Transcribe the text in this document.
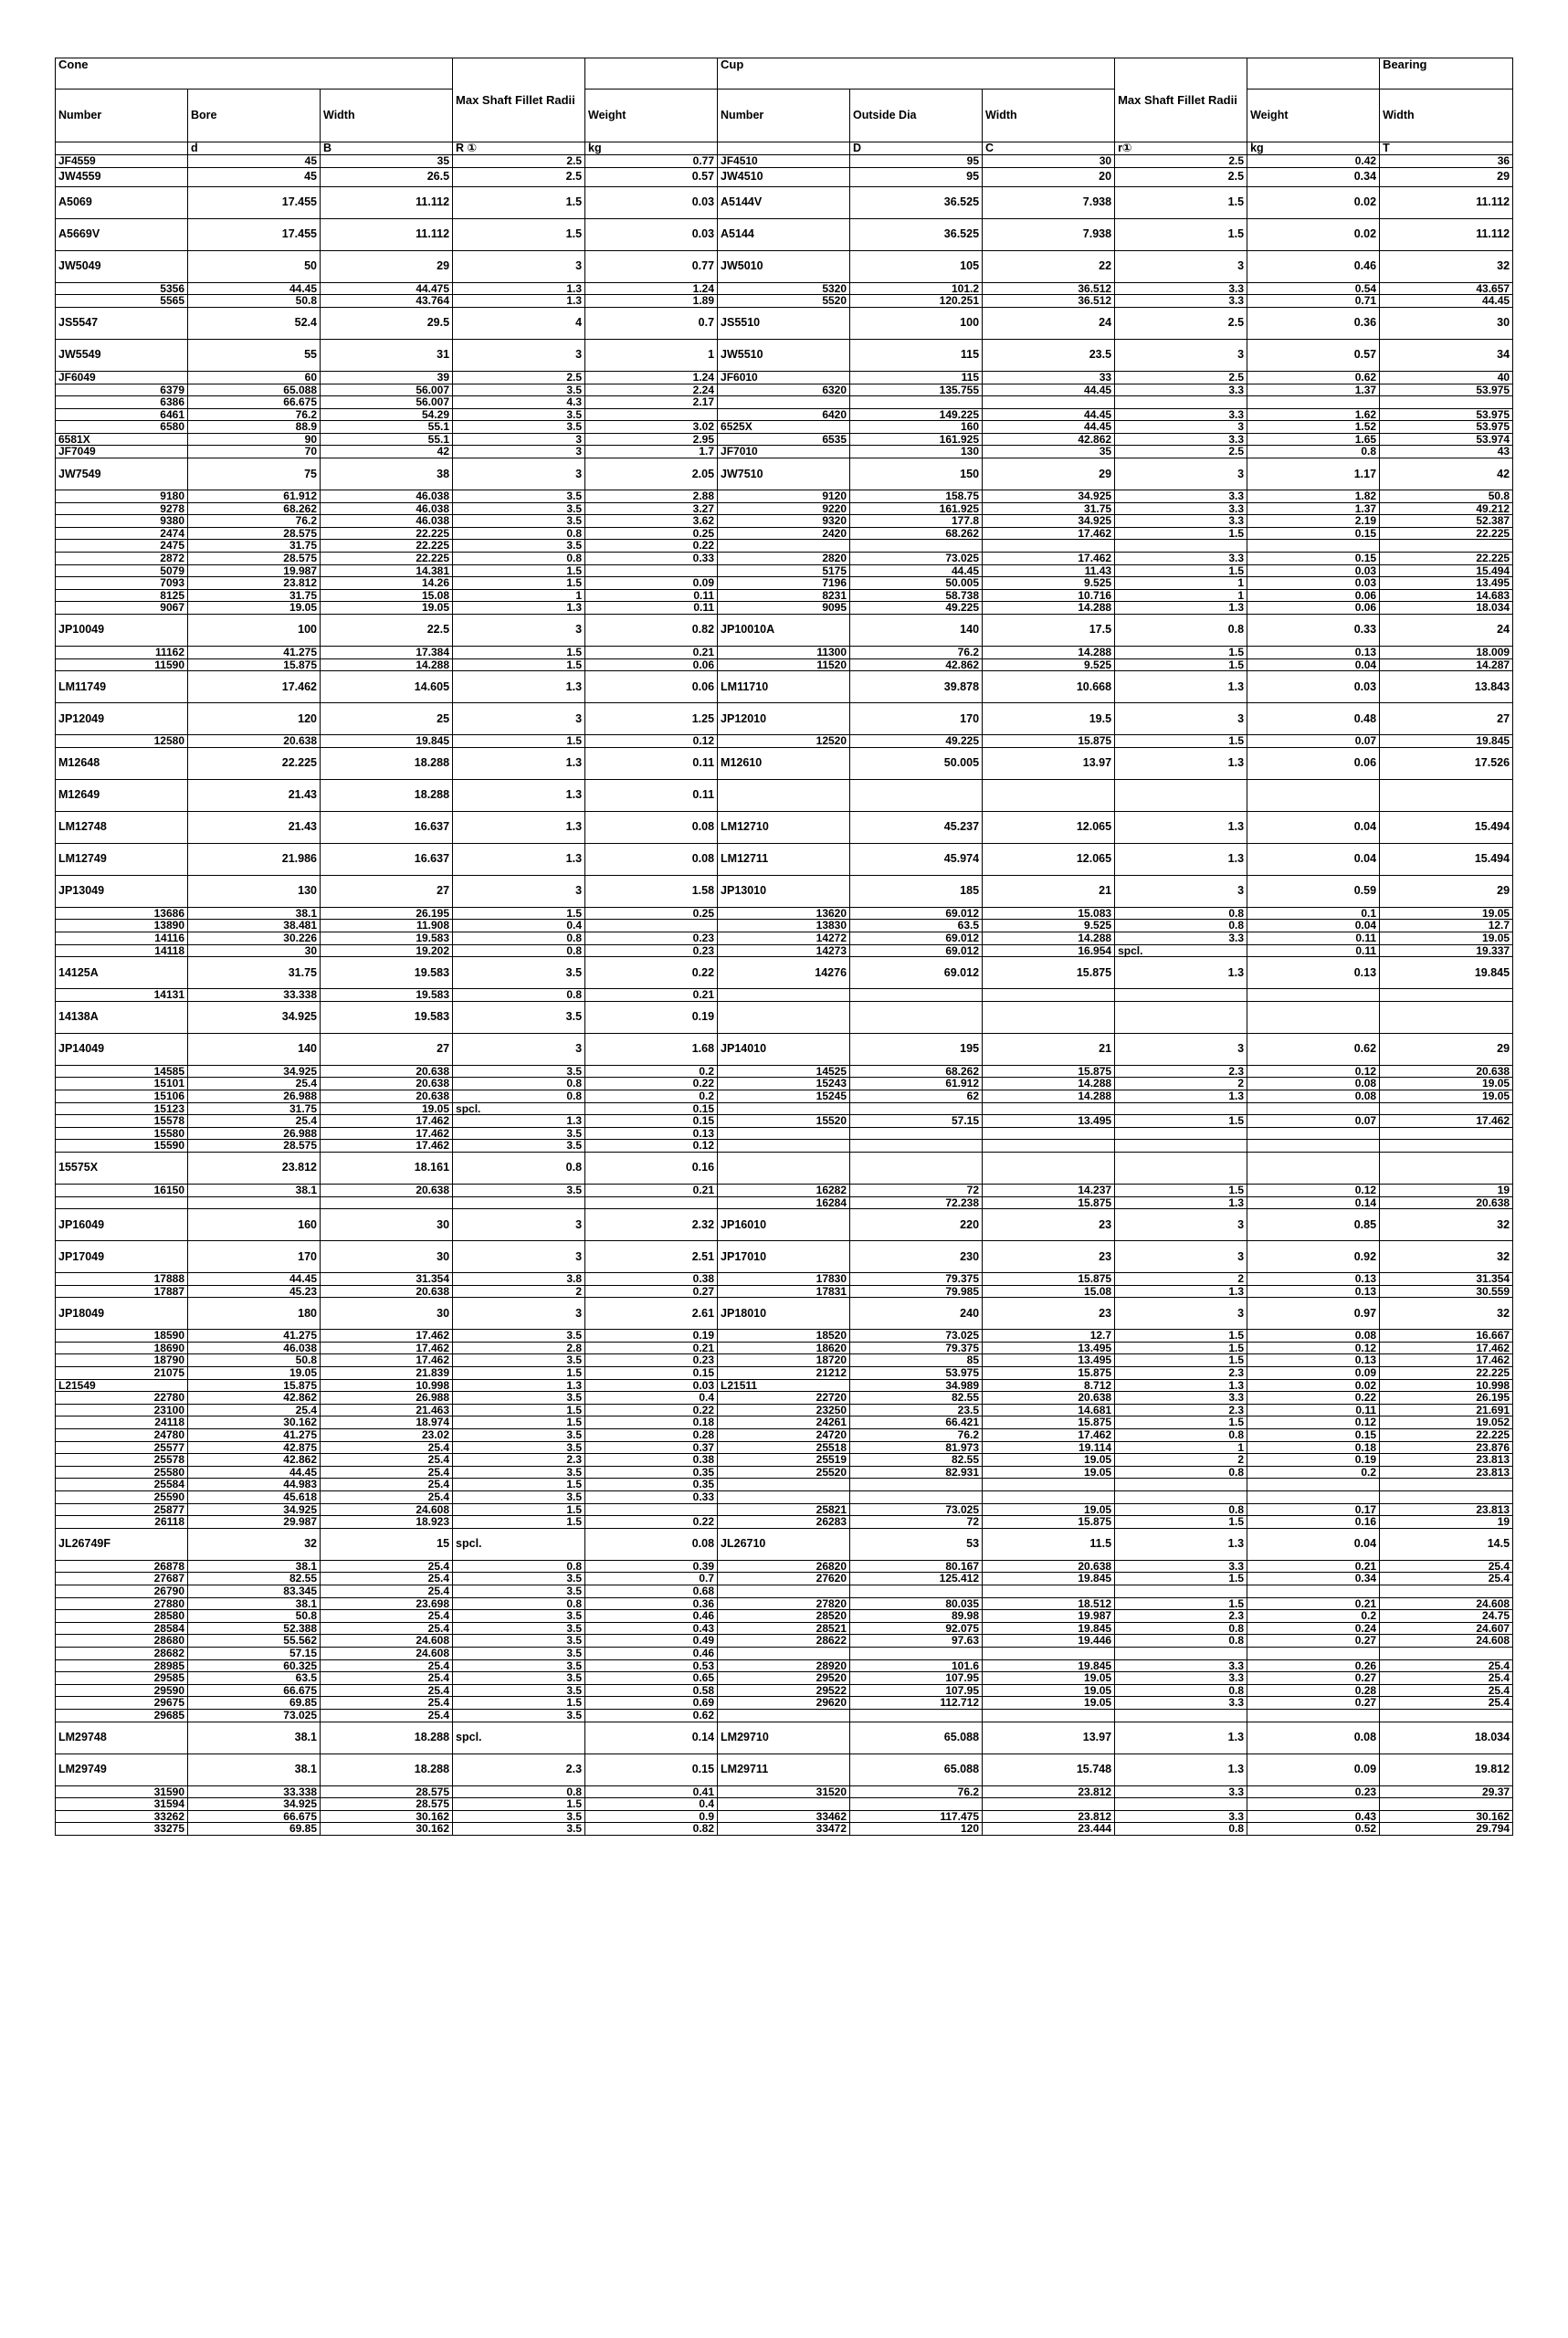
Cone			Max Shaft Fillet Radii		Cup			Max Shaft Fillet Radii		Bearing
Number	Bore	Width		Weight	Number	Outside Dia	Width		Weight	Width
	d	B	R ①	kg		D	C	r①	kg	T
JF4559	45	35	2.5	0.77	JF4510	95	30	2.5	0.42	36
JW4559	45	26.5	2.5	0.57	JW4510	95	20	2.5	0.34	29
A5069	17.455	11.112	1.5	0.03	A5144V	36.525	7.938	1.5	0.02	11.112
A5669V	17.455	11.112	1.5	0.03	A5144	36.525	7.938	1.5	0.02	11.112
JW5049	50	29	3	0.77	JW5010	105	22	3	0.46	32
5356	44.45	44.475	1.3	1.24	5320	101.2	36.512	3.3	0.54	43.657
5565	50.8	43.764	1.3	1.89	5520	120.251	36.512	3.3	0.71	44.45
JS5547	52.4	29.5	4	0.7	JS5510	100	24	2.5	0.36	30
JW5549	55	31	3	1	JW5510	115	23.5	3	0.57	34
JF6049	60	39	2.5	1.24	JF6010	115	33	2.5	0.62	40
6379	65.088	56.007	3.5	2.24	6320	135.755	44.45	3.3	1.37	53.975
6386	66.675	56.007	4.3	2.17						
6461	76.2	54.29	3.5		6420	149.225	44.45	3.3	1.62	53.975
6580	88.9	55.1	3.5	3.02	6525X	160	44.45	3	1.52	53.975
6581X	90	55.1	3	2.95	6535	161.925	42.862	3.3	1.65	53.974
JF7049	70	42	3	1.7	JF7010	130	35	2.5	0.8	43
JW7549	75	38	3	2.05	JW7510	150	29	3	1.17	42
9180	61.912	46.038	3.5	2.88	9120	158.75	34.925	3.3	1.82	50.8
9278	68.262	46.038	3.5	3.27	9220	161.925	31.75	3.3	1.37	49.212
9380	76.2	46.038	3.5	3.62	9320	177.8	34.925	3.3	2.19	52.387
2474	28.575	22.225	0.8	0.25	2420	68.262	17.462	1.5	0.15	22.225
2475	31.75	22.225	3.5	0.22						
2872	28.575	22.225	0.8	0.33	2820	73.025	17.462	3.3	0.15	22.225
5079	19.987	14.381	1.5		5175	44.45	11.43	1.5	0.03	15.494
7093	23.812	14.26	1.5	0.09	7196	50.005	9.525	1	0.03	13.495
8125	31.75	15.08	1	0.11	8231	58.738	10.716	1	0.06	14.683
9067	19.05	19.05	1.3	0.11	9095	49.225	14.288	1.3	0.06	18.034
JP10049	100	22.5	3	0.82	JP10010A	140	17.5	0.8	0.33	24
11162	41.275	17.384	1.5	0.21	11300	76.2	14.288	1.5	0.13	18.009
11590	15.875	14.288	1.5	0.06	11520	42.862	9.525	1.5	0.04	14.287
LM11749	17.462	14.605	1.3	0.06	LM11710	39.878	10.668	1.3	0.03	13.843
JP12049	120	25	3	1.25	JP12010	170	19.5	3	0.48	27
12580	20.638	19.845	1.5	0.12	12520	49.225	15.875	1.5	0.07	19.845
M12648	22.225	18.288	1.3	0.11	M12610	50.005	13.97	1.3	0.06	17.526
M12649	21.43	18.288	1.3	0.11						
LM12748	21.43	16.637	1.3	0.08	LM12710	45.237	12.065	1.3	0.04	15.494
LM12749	21.986	16.637	1.3	0.08	LM12711	45.974	12.065	1.3	0.04	15.494
JP13049	130	27	3	1.58	JP13010	185	21	3	0.59	29
13686	38.1	26.195	1.5	0.25	13620	69.012	15.083	0.8	0.1	19.05
13890	38.481	11.908	0.4		13830	63.5	9.525	0.8	0.04	12.7
14116	30.226	19.583	0.8	0.23	14272	69.012	14.288	3.3	0.11	19.05
14118	30	19.202	0.8	0.23	14273	69.012	16.954	spcl.	0.11	19.337
14125A	31.75	19.583	3.5	0.22	14276	69.012	15.875	1.3	0.13	19.845
14131	33.338	19.583	0.8	0.21						
14138A	34.925	19.583	3.5	0.19						
JP14049	140	27	3	1.68	JP14010	195	21	3	0.62	29
14585	34.925	20.638	3.5	0.2	14525	68.262	15.875	2.3	0.12	20.638
15101	25.4	20.638	0.8	0.22	15243	61.912	14.288	2	0.08	19.05
15106	26.988	20.638	0.8	0.2	15245	62	14.288	1.3	0.08	19.05
15123	31.75	19.05	spcl.	0.15						
15578	25.4	17.462	1.3	0.15	15520	57.15	13.495	1.5	0.07	17.462
15580	26.988	17.462	3.5	0.13						
15590	28.575	17.462	3.5	0.12						
15575X	23.812	18.161	0.8	0.16						
16150	38.1	20.638	3.5	0.21	16282	72	14.237	1.5	0.12	19
					16284	72.238	15.875	1.3	0.14	20.638
JP16049	160	30	3	2.32	JP16010	220	23	3	0.85	32
JP17049	170	30	3	2.51	JP17010	230	23	3	0.92	32
17888	44.45	31.354	3.8	0.38	17830	79.375	15.875	2	0.13	31.354
17887	45.23	20.638	2	0.27	17831	79.985	15.08	1.3	0.13	30.559
JP18049	180	30	3	2.61	JP18010	240	23	3	0.97	32
18590	41.275	17.462	3.5	0.19	18520	73.025	12.7	1.5	0.08	16.667
18690	46.038	17.462	2.8	0.21	18620	79.375	13.495	1.5	0.12	17.462
18790	50.8	17.462	3.5	0.23	18720	85	13.495	1.5	0.13	17.462
21075	19.05	21.839	1.5	0.15	21212	53.975	15.875	2.3	0.09	22.225
L21549	15.875	10.998	1.3	0.03	L21511	34.989	8.712	1.3	0.02	10.998
22780	42.862	26.988	3.5	0.4	22720	82.55	20.638	3.3	0.22	26.195
23100	25.4	21.463	1.5	0.22	23250	23.5	14.681	2.3	0.11	21.691
24118	30.162	18.974	1.5	0.18	24261	66.421	15.875	1.5	0.12	19.052
24780	41.275	23.02	3.5	0.28	24720	76.2	17.462	0.8	0.15	22.225
25577	42.875	25.4	3.5	0.37	25518	81.973	19.114	1	0.18	23.876
25578	42.862	25.4	2.3	0.38	25519	82.55	19.05	2	0.19	23.813
25580	44.45	25.4	3.5	0.35	25520	82.931	19.05	0.8	0.2	23.813
25584	44.983	25.4	1.5	0.35						
25590	45.618	25.4	3.5	0.33						
25877	34.925	24.608	1.5		25821	73.025	19.05	0.8	0.17	23.813
26118	29.987	18.923	1.5	0.22	26283	72	15.875	1.5	0.16	19
JL26749F	32	15	spcl.	0.08	JL26710	53	11.5	1.3	0.04	14.5
26878	38.1	25.4	0.8	0.39	26820	80.167	20.638	3.3	0.21	25.4
27687	82.55	25.4	3.5	0.7	27620	125.412	19.845	1.5	0.34	25.4
26790	83.345	25.4	3.5	0.68						
27880	38.1	23.698	0.8	0.36	27820	80.035	18.512	1.5	0.21	24.608
28580	50.8	25.4	3.5	0.46	28520	89.98	19.987	2.3	0.2	24.75
28584	52.388	25.4	3.5	0.43	28521	92.075	19.845	0.8	0.24	24.607
28680	55.562	24.608	3.5	0.49	28622	97.63	19.446	0.8	0.27	24.608
28682	57.15	24.608	3.5	0.46						
28985	60.325	25.4	3.5	0.53	28920	101.6	19.845	3.3	0.26	25.4
29585	63.5	25.4	3.5	0.65	29520	107.95	19.05	3.3	0.27	25.4
29590	66.675	25.4	3.5	0.58	29522	107.95	19.05	0.8	0.28	25.4
29675	69.85	25.4	1.5	0.69	29620	112.712	19.05	3.3	0.27	25.4
29685	73.025	25.4	3.5	0.62						
LM29748	38.1	18.288	spcl.	0.14	LM29710	65.088	13.97	1.3	0.08	18.034
LM29749	38.1	18.288	2.3	0.15	LM29711	65.088	15.748	1.3	0.09	19.812
31590	33.338	28.575	0.8	0.41	31520	76.2	23.812	3.3	0.23	29.37
31594	34.925	28.575	1.5	0.4						
33262	66.675	30.162	3.5	0.9	33462	117.475	23.812	3.3	0.43	30.162
33275	69.85	30.162	3.5	0.82	33472	120	23.444	0.8	0.52	29.794
